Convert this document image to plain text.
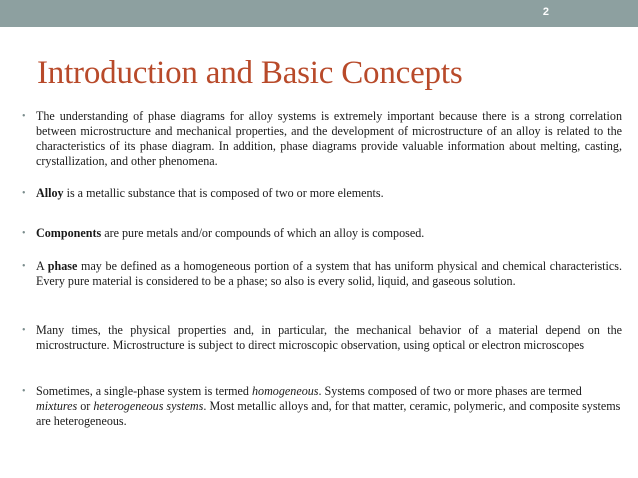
2
Introduction and Basic Concepts
• The understanding of phase diagrams for alloy systems is extremely important because there is a strong correlation between microstructure and mechanical properties, and the development of microstructure of an alloy is related to the characteristics of its phase diagram. In addition, phase diagrams provide valuable information about melting, casting, crystallization, and other phenomena.
• Alloy is a metallic substance that is composed of two or more elements.
• Components are pure metals and/or compounds of which an alloy is composed.
• A phase may be defined as a homogeneous portion of a system that has uniform physical and chemical characteristics. Every pure material is considered to be a phase; so also is every solid, liquid, and gaseous solution.
• Many times, the physical properties and, in particular, the mechanical behavior of a material depend on the microstructure. Microstructure is subject to direct microscopic observation, using optical or electron microscopes
• Sometimes, a single-phase system is termed homogeneous. Systems composed of two or more phases are termed mixtures or heterogeneous systems. Most metallic alloys and, for that matter, ceramic, polymeric, and composite systems are heterogeneous.
